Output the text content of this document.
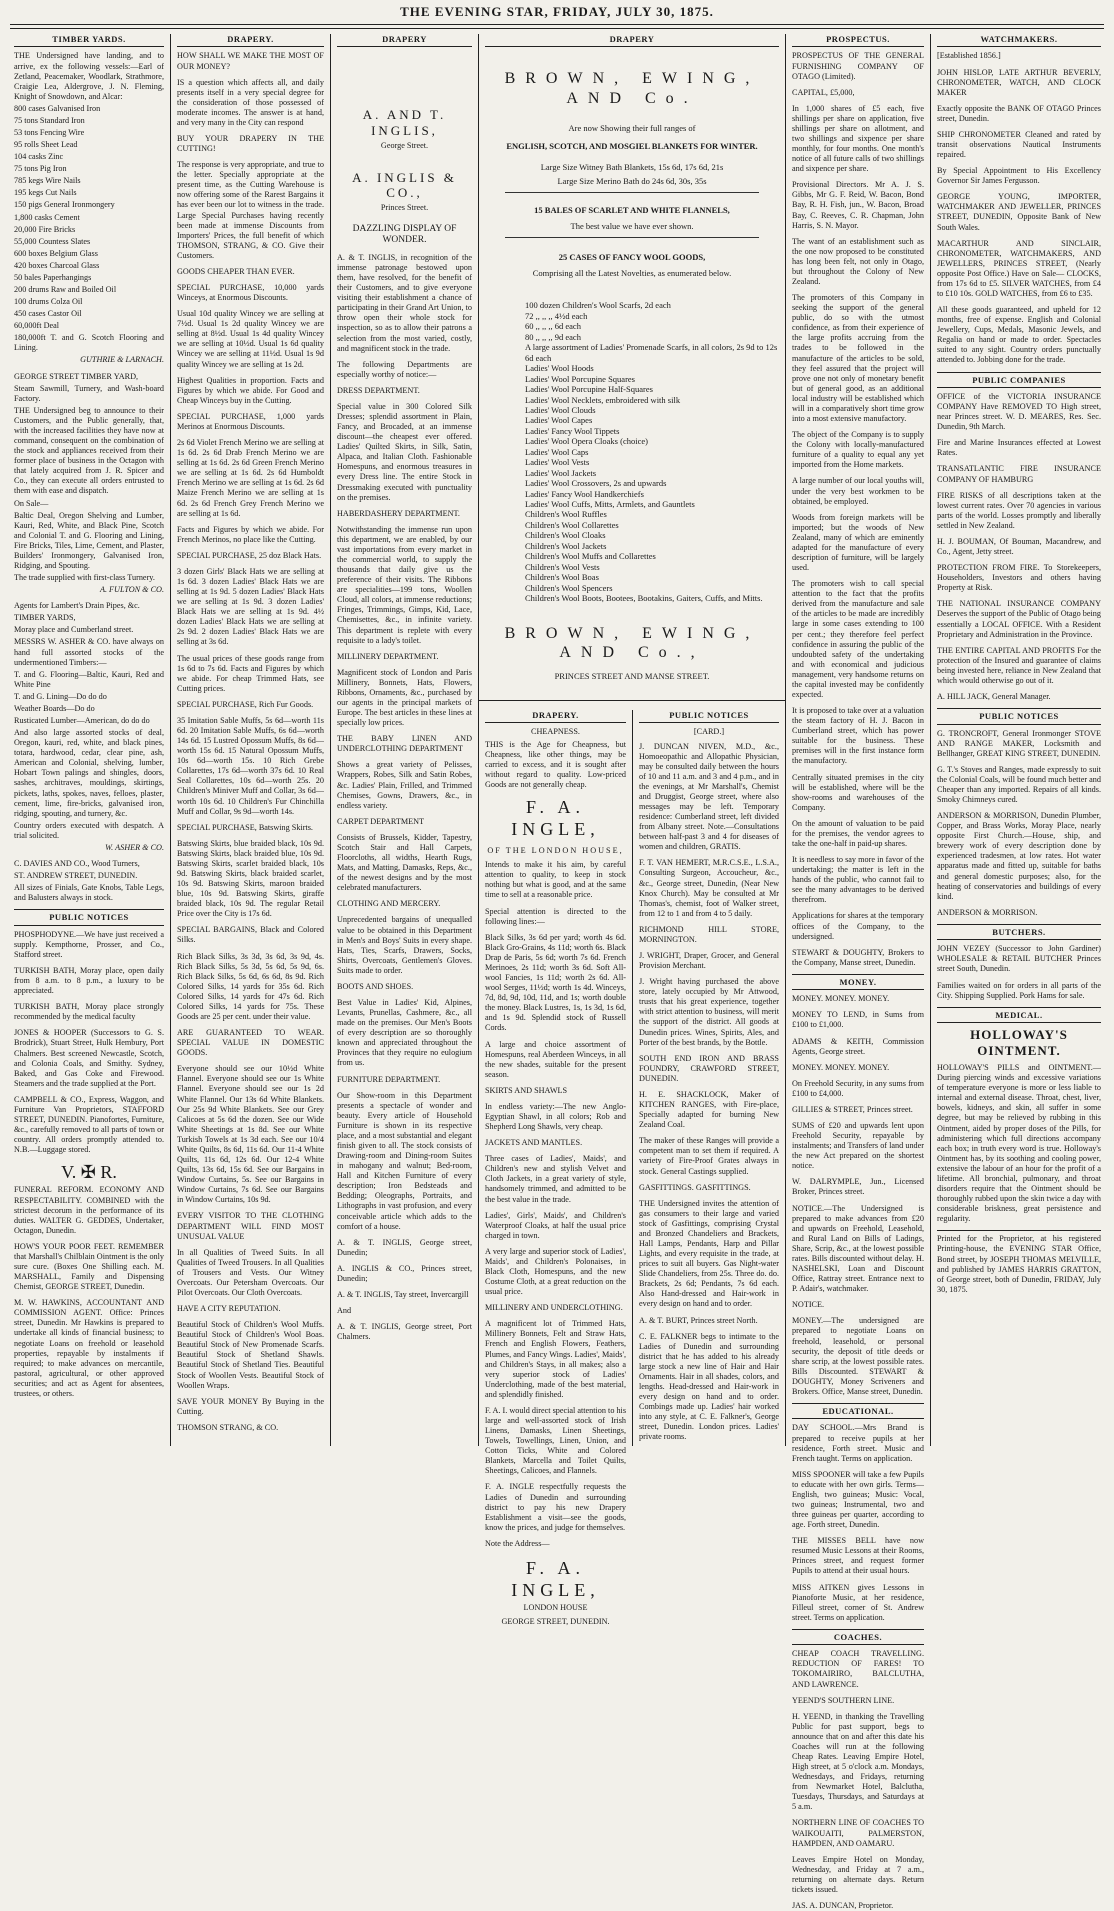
THE EVENING STAR, FRIDAY, JULY 30, 1875.
TIMBER YARDS.

THE Undersigned have landing, and to arrive, ex the following vessels:—Earl of Zetland, Peacemaker, Woodlark, Strathmore, Craigie Lea, Aldergrove, J. N. Fleming, Knight of Snowdown, and Alcar:

800 cases Galvanised Iron

75 tons Standard Iron

53 tons Fencing Wire

95 rolls Sheet Lead

104 casks Zinc

75 tons Pig Iron

785 kegs Wire Nails

195 kegs Cut Nails

150 pigs General Ironmongery

1,800 casks Cement

20,000 Fire Bricks

55,000 Countess Slates

600 boxes Belgium Glass

420 boxes Charcoal Glass

50 bales Paperhangings

200 drums Raw and Boiled Oil

100 drums Colza Oil

450 cases Castor Oil

60,000ft Deal

180,000ft T. and G. Scotch Flooring and Lining.

GUTHRIE & LARNACH.

GEORGE STREET TIMBER YARD,

Steam Sawmill, Turnery, and Wash-board Factory.

THE Undersigned beg to announce to their Customers, and the Public generally, that, with the increased facilities they have now at command, consequent on the combination of the stock and appliances received from their former place of business in the Octagon with that lately acquired from J. R. Spicer and Co., they can execute all orders entrusted to them with ease and dispatch.

On Sale—

Baltic Deal, Oregon Shelving and Lumber, Kauri, Red, White, and Black Pine, Scotch and Colonial T. and G. Flooring and Lining, Fire Bricks, Tiles, Lime, Cement, and Plaster, Builders' Ironmongery, Galvanised Iron, Ridging, and Spouting.

The trade supplied with first-class Turnery.

A. FULTON & CO.

Agents for Lambert's Drain Pipes, &c.

TIMBER YARDS,

Moray place and Cumberland street.

MESSRS W. ASHER & CO. have always on hand full assorted stocks of the undermentioned Timbers:—

T. and G. Flooring—Baltic, Kauri, Red and White Pine

T. and G. Lining—Do do do

Weather Boards—Do do

Rusticated Lumber—American, do do do

And also large assorted stocks of deal, Oregon, kauri, red, white, and black pines, totara, hardwood, cedar, clear pine, ash, American and Colonial, shelving, lumber, Hobart Town palings and shingles, doors, sashes, architraves, mouldings, skirtings, pickets, laths, spokes, naves, felloes, plaster, cement, lime, fire-bricks, galvanised iron, ridging, spouting, and turnery, &c.

Country orders executed with despatch. A trial solicited.

W. ASHER & CO.

C. DAVIES AND CO., Wood Turners,

ST. ANDREW STREET, DUNEDIN.

All sizes of Finials, Gate Knobs, Table Legs, and Balusters always in stock.

PUBLIC NOTICES
PHOSPHODYNE.—We have just received a supply. Kempthorne, Prosser, and Co., Stafford street.
TURKISH BATH, Moray place, open daily from 8 a.m. to 8 p.m., a luxury to be appreciated.
TURKISH BATH, Moray place strongly recommended by the medical faculty
JONES & HOOPER (Successors to G. S. Brodrick), Stuart Street, Hulk Hembury, Port Chalmers. Best screened Newcastle, Scotch, and Colonia Coals, and Smithy. Sydney, Baked, and Gas Coke and Firewood. Steamers and the trade supplied at the Port.
CAMPBELL & CO., Express, Waggon, and Furniture Van Proprietors, STAFFORD STREET, DUNEDIN. Pianofortes, Furniture, &c., carefully removed to all parts of town or country. All orders promptly attended to. N.B.—Luggage stored.
V. ✠ R.
FUNERAL REFORM. ECONOMY AND RESPECTABILITY. COMBINED with the strictest decorum in the performance of its duties. WALTER G. GEDDES, Undertaker, Octagon, Dunedin.
HOW'S YOUR POOR FEET. REMEMBER that Marshall's Chilblain Ointment is the only sure cure. (Boxes One Shilling each. M. MARSHALL, Family and Dispensing Chemist, GEORGE STREET, Dunedin.
M. W. HAWKINS, ACCOUNTANT AND COMMISSION AGENT. Office: Princes street, Dunedin. Mr Hawkins is prepared to undertake all kinds of financial business; to negotiate Loans on freehold or leasehold properties, repayable by instalments if required; to make advances on mercantile, pastoral, agricultural, or other approved securities; and act as Agent for absentees, trustees, or others.
DRAPERY.
HOW SHALL WE MAKE THE MOST OF OUR MONEY?
IS a question which affects all, and daily presents itself in a very special degree for the consideration of those possessed of moderate incomes. The answer is at hand, and very many in the City can respond
BUY YOUR DRAPERY IN THE CUTTING!
The response is very appropriate, and true to the letter. Specially appropriate at the present time, as the Cutting Warehouse is now offering some of the Rarest Bargains it has ever been our lot to witness in the trade. Large Special Purchases having recently been made at immense Discounts from Importers' Prices, the full benefit of which THOMSON, STRANG, & CO. Give their Customers.
GOODS CHEAPER THAN EVER.
SPECIAL PURCHASE, 10,000 yards Winceys, at Enormous Discounts.
Usual 10d quality Wincey we are selling at 7½d. Usual 1s 2d quality Wincey we are selling at 8½d. Usual 1s 4d quality Wincey we are selling at 10½d. Usual 1s 6d quality Wincey we are selling at 11½d. Usual 1s 9d quality Wincey we are selling at 1s 2d.
Highest Qualities in proportion. Facts and Figures by which we abide. For Good and Cheap Winceys buy in the Cutting.
SPECIAL PURCHASE, 1,000 yards Merinos at Enormous Discounts.
2s 6d Violet French Merino we are selling at 1s 6d. 2s 6d Drab French Merino we are selling at 1s 6d. 2s 6d Green French Merino we are selling at 1s 6d. 2s 6d Humboldt French Merino we are selling at 1s 6d. 2s 6d Maize French Merino we are selling at 1s 6d. 2s 6d French Grey French Merino we are selling at 1s 6d.
Facts and Figures by which we abide. For French Merinos, no place like the Cutting.
SPECIAL PURCHASE, 25 doz Black Hats.
3 dozen Girls' Black Hats we are selling at 1s 6d. 3 dozen Ladies' Black Hats we are selling at 1s 9d. 5 dozen Ladies' Black Hats we are selling at 1s 9d. 3 dozen Ladies' Black Hats we are selling at 1s 9d. 4½ dozen Ladies' Black Hats we are selling at 2s 9d. 2 dozen Ladies' Black Hats we are selling at 3s 6d.
The usual prices of these goods range from 1s 6d to 7s 6d. Facts and Figures by which we abide. For cheap Trimmed Hats, see Cutting prices.
SPECIAL PURCHASE, Rich Fur Goods.
35 Imitation Sable Muffs, 5s 6d—worth 11s 6d. 20 Imitation Sable Muffs, 6s 6d—worth 14s 6d. 15 Lustred Opossum Muffs, 8s 6d—worth 15s 6d. 15 Natural Opossum Muffs, 10s 6d—worth 15s. 10 Rich Grebe Collarettes, 17s 6d—worth 37s 6d. 10 Real Seal Collarettes, 10s 6d—worth 25s. 20 Children's Miniver Muff and Collar, 3s 6d—worth 10s 6d. 10 Children's Fur Chinchilla Muff and Collar, 9s 9d—worth 14s.
SPECIAL PURCHASE, Batswing Skirts.
Batswing Skirts, blue braided black, 10s 9d. Batswing Skirts, black braided blue, 10s 9d. Batswing Skirts, scarlet braided black, 10s 9d. Batswing Skirts, black braided scarlet, 10s 9d. Batswing Skirts, maroon braided blue, 10s 9d. Batswing Skirts, giraffe braided black, 10s 9d. The regular Retail Price over the City is 17s 6d.
SPECIAL BARGAINS, Black and Colored Silks.
Rich Black Silks, 3s 3d, 3s 6d, 3s 9d, 4s. Rich Black Silks, 5s 3d, 5s 6d, 5s 9d, 6s. Rich Black Silks, 5s 6d, 6s 6d, 8s 9d. Rich Colored Silks, 14 yards for 35s 6d. Rich Colored Silks, 14 yards for 47s 6d. Rich Colored Silks, 14 yards for 75s. These Goods are 25 per cent. under their value.
ARE GUARANTEED TO WEAR. SPECIAL VALUE IN DOMESTIC GOODS.
Everyone should see our 10½d White Flannel. Everyone should see our 1s White Flannel. Everyone should see our 1s 2d White Flannel. Our 13s 6d White Blankets. Our 25s 9d White Blankets. See our Grey Calicoes at 5s 6d the dozen. See our Wide White Sheetings at 1s 8d. See our White Turkish Towels at 1s 3d each. See our 10/4 White Quilts, 8s 6d, 11s 6d. Our 11-4 White Quilts, 11s 6d, 12s 6d. Our 12-4 White Quilts, 13s 6d, 15s 6d. See our Bargains in Window Curtains, 5s. See our Bargains in Window Curtains, 7s 6d. See our Bargains in Window Curtains, 10s 9d.
EVERY VISITOR TO THE CLOTHING DEPARTMENT WILL FIND MOST UNUSUAL VALUE
In all Qualities of Tweed Suits. In all Qualities of Tweed Trousers. In all Qualities of Trousers and Vests. Our Witney Overcoats. Our Petersham Overcoats. Our Pilot Overcoats. Our Cloth Overcoats.
HAVE A CITY REPUTATION.
Beautiful Stock of Children's Wool Muffs. Beautiful Stock of Children's Wool Boas. Beautiful Stock of New Promenade Scarfs. Beautiful Stock of Shetland Shawls. Beautiful Stock of Shetland Ties. Beautiful Stock of Woollen Vests. Beautiful Stock of Woollen Wraps.
SAVE YOUR MONEY By Buying in the Cutting.
THOMSON STRANG, & CO.
DRAPERY

A. AND T. INGLIS,

George Street.

A. INGLIS & CO.,

Princes Street.

DAZZLING DISPLAY OF WONDER.

A. & T. INGLIS, in recognition of the immense patronage bestowed upon them, have resolved, for the benefit of their Customers, and to give everyone visiting their establishment a chance of participating in their Grand Art Union, to throw open their whole stock for inspection, so as to allow their patrons a selection from the most varied, costly, and magnificent stock in the trade.
The following Departments are especially worthy of notice:—
DRESS DEPARTMENT.
Special value in 300 Colored Silk Dresses; splendid assortment in Plain, Fancy, and Brocaded, at an immense discount—the cheapest ever offered. Ladies' Quilted Skirts, in Silk, Satin, Alpaca, and Italian Cloth. Fashionable Homespuns, and enormous treasures in every Dress line. The entire Stock in Dressmaking executed with punctuality on the premises.
HABERDASHERY DEPARTMENT.
Notwithstanding the immense run upon this department, we are enabled, by our vast importations from every market in the commercial world, to supply the thousands that daily give us the preference of their visits. The Ribbons are specialities—199 tons, Woollen Cloud, all colors, at immense reductions; Fringes, Trimmings, Gimps, Kid, Lace, Chemisettes, &c., in infinite variety. This department is replete with every requisite to a lady's toilet.
MILLINERY DEPARTMENT.
Magnificent stock of London and Paris Millinery, Bonnets, Hats, Flowers, Ribbons, Ornaments, &c., purchased by our agents in the principal markets of Europe. The best articles in these lines at specially low prices.
THE BABY LINEN AND UNDERCLOTHING DEPARTMENT
Shows a great variety of Pelisses, Wrappers, Robes, Silk and Satin Robes, &c. Ladies' Plain, Frilled, and Trimmed Chemises, Gowns, Drawers, &c., in endless variety.
CARPET DEPARTMENT
Consists of Brussels, Kidder, Tapestry, Scotch Stair and Hall Carpets, Floorcloths, all widths, Hearth Rugs, Mats, and Matting, Damasks, Reps, &c., of the newest designs and by the most celebrated manufacturers.
CLOTHING AND MERCERY.
Unprecedented bargains of unequalled value to be obtained in this Department in Men's and Boys' Suits in every shape. Hats, Ties, Scarfs, Drawers, Socks, Shirts, Overcoats, Gentlemen's Gloves. Suits made to order.
BOOTS AND SHOES.
Best Value in Ladies' Kid, Alpines, Levants, Prunellas, Cashmere, &c., all made on the premises. Our Men's Boots of every description are so thoroughly known and appreciated throughout the Provinces that they require no eulogium from us.
FURNITURE DEPARTMENT.
Our Show-room in this Department presents a spectacle of wonder and beauty. Every article of Household Furniture is shown in its respective place, and a most substantial and elegant finish given to all. The stock consists of Drawing-room and Dining-room Suites in mahogany and walnut; Bed-room, Hall and Kitchen Furniture of every description; Iron Bedsteads and Bedding; Oleographs, Portraits, and Lithographs in vast profusion, and every conceivable article which adds to the comfort of a house.
A. & T. INGLIS, George street, Dunedin;
A. INGLIS & CO., Princes street, Dunedin;
A. & T. INGLIS, Tay street, Invercargill
And
A. & T. INGLIS, George street, Port Chalmers.
DRAPERY

BROWN, EWING, AND Co.

Are now Showing their full ranges of

ENGLISH, SCOTCH, AND MOSGIEL BLANKETS FOR WINTER.

Large Size Witney Bath Blankets, 15s 6d, 17s 6d, 21s

Large Size Merino Bath do 24s 6d, 30s, 35s

15 BALES OF SCARLET AND WHITE FLANNELS,

The best value we have ever shown.

25 CASES OF FANCY WOOL GOODS,

Comprising all the Latest Novelties, as enumerated below.

100 dozen Children's Wool Scarfs, 2d each

72 ,, ,, ,, 4½d each

60 ,, ,, ,, 6d each

80 ,, ,, ,, 9d each

A large assortment of Ladies' Promenade Scarfs, in all colors, 2s 9d to 12s 6d each

Ladies' Wool Hoods

Ladies' Wool Porcupine Squares

Ladies' Wool Porcupine Half-Squares

Ladies' Wool Necklets, embroidered with silk

Ladies' Wool Clouds

Ladies' Wool Capes

Ladies' Fancy Wool Tippets

Ladies' Wool Opera Cloaks (choice)

Ladies' Wool Caps

Ladies' Wool Vests

Ladies' Wool Jackets

Ladies' Wool Crossovers, 2s and upwards

Ladies' Fancy Wool Handkerchiefs

Ladies' Wool Cuffs, Mitts, Armlets, and Gauntlets

Children's Wool Ruffles

Children's Wool Collarettes

Children's Wool Cloaks

Children's Wool Jackets

Children's Wool Muffs and Collarettes

Children's Wool Vests

Children's Wool Boas

Children's Wool Spencers

Children's Wool Boots, Bootees, Bootakins, Gaiters, Cuffs, and Mitts.

BROWN, EWING, AND Co.,

PRINCES STREET AND MANSE STREET.

DRAPERY.

CHEAPNESS.

THIS is the Age for Cheapness, but Cheapness, like other things, may be carried to excess, and it is sought after without regard to quality. Low-priced Goods are not generally cheap.

F. A. INGLE,

OF THE LONDON HOUSE,

Intends to make it his aim, by careful attention to quality, to keep in stock nothing but what is good, and at the same time to sell at a reasonable price.
Special attention is directed to the following lines:—
Black Silks, 3s 6d per yard; worth 4s 6d. Black Gro-Grains, 4s 11d; worth 6s. Black Drap de Paris, 5s 6d; worth 7s 6d. French Merinoes, 2s 11d; worth 3s 6d. Soft All-wool Fancies, 1s 11d; worth 2s 6d. All-wool Serges, 11½d; worth 1s 4d. Winceys, 7d, 8d, 9d, 10d, 11d, and 1s; worth double the money. Black Lustres, 1s, 1s 3d, 1s 6d, and 1s 9d. Splendid stock of Russell Cords.
A large and choice assortment of Homespuns, real Aberdeen Winceys, in all the new shades, suitable for the present season.
SKIRTS AND SHAWLS
In endless variety:—The new Anglo-Egyptian Shawl, in all colors; Rob and Shepherd Long Shawls, very cheap.
JACKETS AND MANTLES.
Three cases of Ladies', Maids', and Children's new and stylish Velvet and Cloth Jackets, in a great variety of style, handsomely trimmed, and admitted to be the best value in the trade.
Ladies', Girls', Maids', and Children's Waterproof Cloaks, at half the usual price charged in town.
A very large and superior stock of Ladies', Maids', and Children's Polonaises, in Black Cloth, Homespuns, and the new Costume Cloth, at a great reduction on the usual price.
MILLINERY AND UNDERCLOTHING.
A magnificent lot of Trimmed Hats, Millinery Bonnets, Felt and Straw Hats, French and English Flowers, Feathers, Plumes, and Fancy Wings. Ladies', Maids', and Children's Stays, in all makes; also a very superior stock of Ladies' Underclothing, made of the best material, and splendidly finished.
F. A. I. would direct special attention to his large and well-assorted stock of Irish Linens, Damasks, Linen Sheetings, Towels, Towellings, Linen, Union, and Cotton Ticks, White and Colored Blankets, Marcella and Toilet Quilts, Sheetings, Calicoes, and Flannels.
F. A. INGLE respectfully requests the Ladies of Dunedin and surrounding district to pay his new Drapery Establishment a visit—see the goods, know the prices, and judge for themselves.
Note the Address—

F. A. INGLE,

LONDON HOUSE

GEORGE STREET, DUNEDIN.

PUBLIC NOTICES

[CARD.]

J. DUNCAN NIVEN, M.D., &c., Homoeopathic and Allopathic Physician, may be consulted daily between the hours of 10 and 11 a.m. and 3 and 4 p.m., and in the evenings, at Mr Marshall's, Chemist and Druggist, George street, where also messages may be left. Temporary residence: Cumberland street, left divided from Albany street. Note.—Consultations between half-past 3 and 4 for diseases of women and children, GRATIS.
F. T. VAN HEMERT, M.R.C.S.E., L.S.A., Consulting Surgeon, Accoucheur, &c., &c., George street, Dunedin, (Near New Knox Church). May be consulted at Mr Thomas's, chemist, foot of Walker street, from 12 to 1 and from 4 to 5 daily.
RICHMOND HILL STORE, MORNINGTON.
J. WRIGHT, Draper, Grocer, and General Provision Merchant.
J. Wright having purchased the above store, lately occupied by Mr Attwood, trusts that his great experience, together with strict attention to business, will merit the support of the district. All goods at Dunedin prices. Wines, Spirits, Ales, and Porter of the best brands, by the Bottle.
SOUTH END IRON AND BRASS FOUNDRY, CRAWFORD STREET, DUNEDIN.
H. E. SHACKLOCK, Maker of KITCHEN RANGES, with Fire-place, Specially adapted for burning New Zealand Coal.
The maker of these Ranges will provide a competent man to set them if required. A variety of Fire-Proof Grates always in stock. General Castings supplied.
GASFITTINGS. GASFITTINGS.
THE Undersigned invites the attention of gas consumers to their large and varied stock of Gasfittings, comprising Crystal and Bronzed Chandeliers and Brackets, Hall Lamps, Pendants, Harp and Pillar Lights, and every requisite in the trade, at prices to suit all buyers. Gas Night-water Slide Chandeliers, from 25s. Three do. do. Brackets, 2s 6d; Pendants, 7s 6d each. Also Hand-dressed and Hair-work in every design on hand and to order.
A. & T. BURT, Princes street North.
C. E. FALKNER begs to intimate to the Ladies of Dunedin and surrounding district that he has added to his already large stock a new line of Hair and Hair Ornaments. Hair in all shades, colors, and lengths. Head-dressed and Hair-work in every design on hand and to order. Combings made up. Ladies' hair worked into any style, at C. E. Falkner's, George street, Dunedin. London prices. Ladies' private rooms.
PROSPECTUS.
PROSPECTUS OF THE GENERAL FURNISHING COMPANY OF OTAGO (Limited).
CAPITAL, £5,000,
In 1,000 shares of £5 each, five shillings per share on application, five shillings per share on allotment, and two shillings and sixpence per share monthly, for four months. One month's notice of all future calls of two shillings and sixpence per share.
Provisional Directors. Mr A. J. S. Gibbs, Mr G. F. Reid, W. Bacon, Bond Bay, R. H. Fish, jun., W. Bacon, Broad Bay, C. Reeves, C. R. Chapman, John Harris, S. N. Mayor.
The want of an establishment such as the one now proposed to be constituted has long been felt, not only in Otago, but throughout the Colony of New Zealand.
The promoters of this Company in seeking the support of the general public, do so with the utmost confidence, as from their experience of the large profits accruing from the trades to be followed in the manufacture of the articles to be sold, they feel assured that the project will prove one not only of monetary benefit but of general good, as an additional local industry will be established which will in a comparatively short time grow into a most extensive manufactory.
The object of the Company is to supply the Colony with locally-manufactured furniture of a quality to equal any yet imported from the Home markets.
A large number of our local youths will, under the very best workmen to be obtained, be employed.
Woods from foreign markets will be imported; but the woods of New Zealand, many of which are eminently adapted for the manufacture of every description of furniture, will be largely used.
The promoters wish to call special attention to the fact that the profits derived from the manufacture and sale of the articles to be made are incredibly large in some cases extending to 100 per cent.; they therefore feel perfect confidence in assuring the public of the undoubted safety of the undertaking and with economical and judicious management, very handsome returns on the capital invested may be confidently expected.
It is proposed to take over at a valuation the steam factory of H. J. Bacon in Cumberland street, which has power suitable for the business. These premises will in the first instance form the manufactory.
Centrally situated premises in the city will be established, where will be the show-rooms and warehouses of the Company.
On the amount of valuation to be paid for the premises, the vendor agrees to take the one-half in paid-up shares.
It is needless to say more in favor of the undertaking; the matter is left in the hands of the public, who cannot fail to see the many advantages to be derived therefrom.
Applications for shares at the temporary offices of the Company, to the undersigned.
STEWART & DOUGHTY, Brokers to the Company, Manse street, Dunedin.
MONEY.
MONEY. MONEY. MONEY.
MONEY TO LEND, in Sums from £100 to £1,000.
ADAMS & KEITH, Commission Agents, George street.
MONEY. MONEY. MONEY.
On Freehold Security, in any sums from £100 to £4,000.
GILLIES & STREET, Princes street.
SUMS of £20 and upwards lent upon Freehold Security, repayable by instalments; and Transfers of land under the new Act prepared on the shortest notice.
W. DALRYMPLE, Jun., Licensed Broker, Princes street.
NOTICE.—The Undersigned is prepared to make advances from £20 and upwards on Freehold, Leasehold, and Rural Land on Bills of Ladings, Share, Scrip, &c., at the lowest possible rates. Bills discounted without delay. H. NASHELSKI, Loan and Discount Office, Rattray street. Entrance next to P. Adair's, watchmaker.
NOTICE.
MONEY.—The undersigned are prepared to negotiate Loans on freehold, leasehold, or personal security, the deposit of title deeds or share scrip, at the lowest possible rates. Bills Discounted. STEWART & DOUGHTY, Money Scriveners and Brokers. Office, Manse street, Dunedin.
EDUCATIONAL.
DAY SCHOOL.—Mrs Brand is prepared to receive pupils at her residence, Forth street. Music and French taught. Terms on application.
MISS SPOONER will take a few Pupils to educate with her own girls. Terms—English, two guineas; Music: Vocal, two guineas; Instrumental, two and three guineas per quarter, according to age. Forth street, Dunedin.
THE MISSES BELL have now resumed Music Lessons at their Rooms, Princes street, and request former Pupils to attend at their usual hours.
MISS AITKEN gives Lessons in Pianoforte Music, at her residence, Filleul street, corner of St. Andrew street. Terms on application.
COACHES.
CHEAP COACH TRAVELLING. REDUCTION OF FARES! TO TOKOMAIRIRO, BALCLUTHA, AND LAWRENCE.
YEEND'S SOUTHERN LINE.
H. YEEND, in thanking the Travelling Public for past support, begs to announce that on and after this date his Coaches will run at the following Cheap Rates. Leaving Empire Hotel, High street, at 5 o'clock a.m. Mondays, Wednesdays, and Fridays, returning from Newmarket Hotel, Balclutha, Tuesdays, Thursdays, and Saturdays at 5 a.m.
NORTHERN LINE OF COACHES TO WAIKOUAITI, PALMERSTON, HAMPDEN, AND OAMARU.
Leaves Empire Hotel on Monday, Wednesday, and Friday at 7 a.m., returning on alternate days. Return tickets issued.
JAS. A. DUNCAN, Proprietor.
WATCHMAKERS.
[Established 1856.]
JOHN HISLOP, LATE ARTHUR BEVERLY, CHRONOMETER, WATCH, AND CLOCK MAKER
Exactly opposite the BANK OF OTAGO Princes street, Dunedin.
SHIP CHRONOMETER Cleaned and rated by transit observations Nautical Instruments repaired.
By Special Appointment to His Excellency Governor Sir James Fergusson.
GEORGE YOUNG, IMPORTER, WATCHMAKER AND JEWELLER, PRINCES STREET, DUNEDIN, Opposite Bank of New South Wales.
MACARTHUR AND SINCLAIR, CHRONOMETER, WATCHMAKERS, AND JEWELLERS, PRINCES STREET, (Nearly opposite Post Office.) Have on Sale— CLOCKS, from 17s 6d to £5. SILVER WATCHES, from £4 to £10 10s. GOLD WATCHES, from £6 to £35.
All these goods guaranteed, and upheld for 12 months, free of expense. English and Colonial Jewellery, Cups, Medals, Masonic Jewels, and Regalia on hand or made to order. Spectacles suited to any sight. Country orders punctually attended to. Jobbing done for the trade.
PUBLIC COMPANIES
OFFICE of the VICTORIA INSURANCE COMPANY Have REMOVED TO High street, near Princes street. W. D. MEARES, Res. Sec. Dunedin, 9th March.
Fire and Marine Insurances effected at Lowest Rates.
TRANSATLANTIC FIRE INSURANCE COMPANY OF HAMBURG
FIRE RISKS of all descriptions taken at the lowest current rates. Over 70 agencies in various parts of the world. Losses promptly and liberally settled in New Zealand.
H. J. BOUMAN, Of Bouman, Macandrew, and Co., Agent, Jetty street.
PROTECTION FROM FIRE. To Storekeepers, Householders, Investors and others having Property at Risk.
THE NATIONAL INSURANCE COMPANY Deserves the support of the Public of Otago being essentially a LOCAL OFFICE. With a Resident Proprietary and Administration in the Province.
THE ENTIRE CAPITAL AND PROFITS For the protection of the Insured and guarantee of claims being invested here, reliance in New Zealand that which would otherwise go out of it.
A. HILL JACK, General Manager.
PUBLIC NOTICES
G. TRONCROFT, General Ironmonger STOVE AND RANGE MAKER, Locksmith and Bellhanger, GREAT KING STREET, DUNEDIN.
G. T.'s Stoves and Ranges, made expressly to suit the Colonial Coals, will be found much better and Cheaper than any imported. Repairs of all kinds. Smoky Chimneys cured.
ANDERSON & MORRISON, Dunedin Plumber, Copper, and Brass Works, Moray Place, nearly opposite First Church.—House, ship, and brewery work of every description done by experienced tradesmen, at low rates. Hot water apparatus made and fitted up, suitable for baths and general domestic purposes; also, for the heating of conservatories and buildings of every kind.
ANDERSON & MORRISON.
BUTCHERS.
JOHN VEZEY (Successor to John Gardiner) WHOLESALE & RETAIL BUTCHER Princes street South, Dunedin.
Families waited on for orders in all parts of the City. Shipping Supplied. Pork Hams for sale.
MEDICAL.
HOLLOWAY'S OINTMENT.
HOLLOWAY'S PILLS and OINTMENT.—During piercing winds and excessive variations of temperature everyone is more or less liable to internal and external disease. Throat, chest, liver, bowels, kidneys, and skin, all suffer in some degree, but may be relieved by rubbing in this Ointment, aided by proper doses of the Pills, for administering which full directions accompany each box; in truth every word is true. Holloway's Ointment has, by its soothing and cooling power, extensive the labour of an hour for the profit of a lifetime. All bronchial, pulmonary, and throat disorders require that the Ointment should be thoroughly rubbed upon the skin twice a day with considerable briskness, great persistence and regularity.
Printed for the Proprietor, at his registered Printing-house, the EVENING STAR Office, Bond street, by JOSEPH THOMAS MELVILLE, and published by JAMES HARRIS GRATTON, of George street, both of Dunedin, FRIDAY, July 30, 1875.
